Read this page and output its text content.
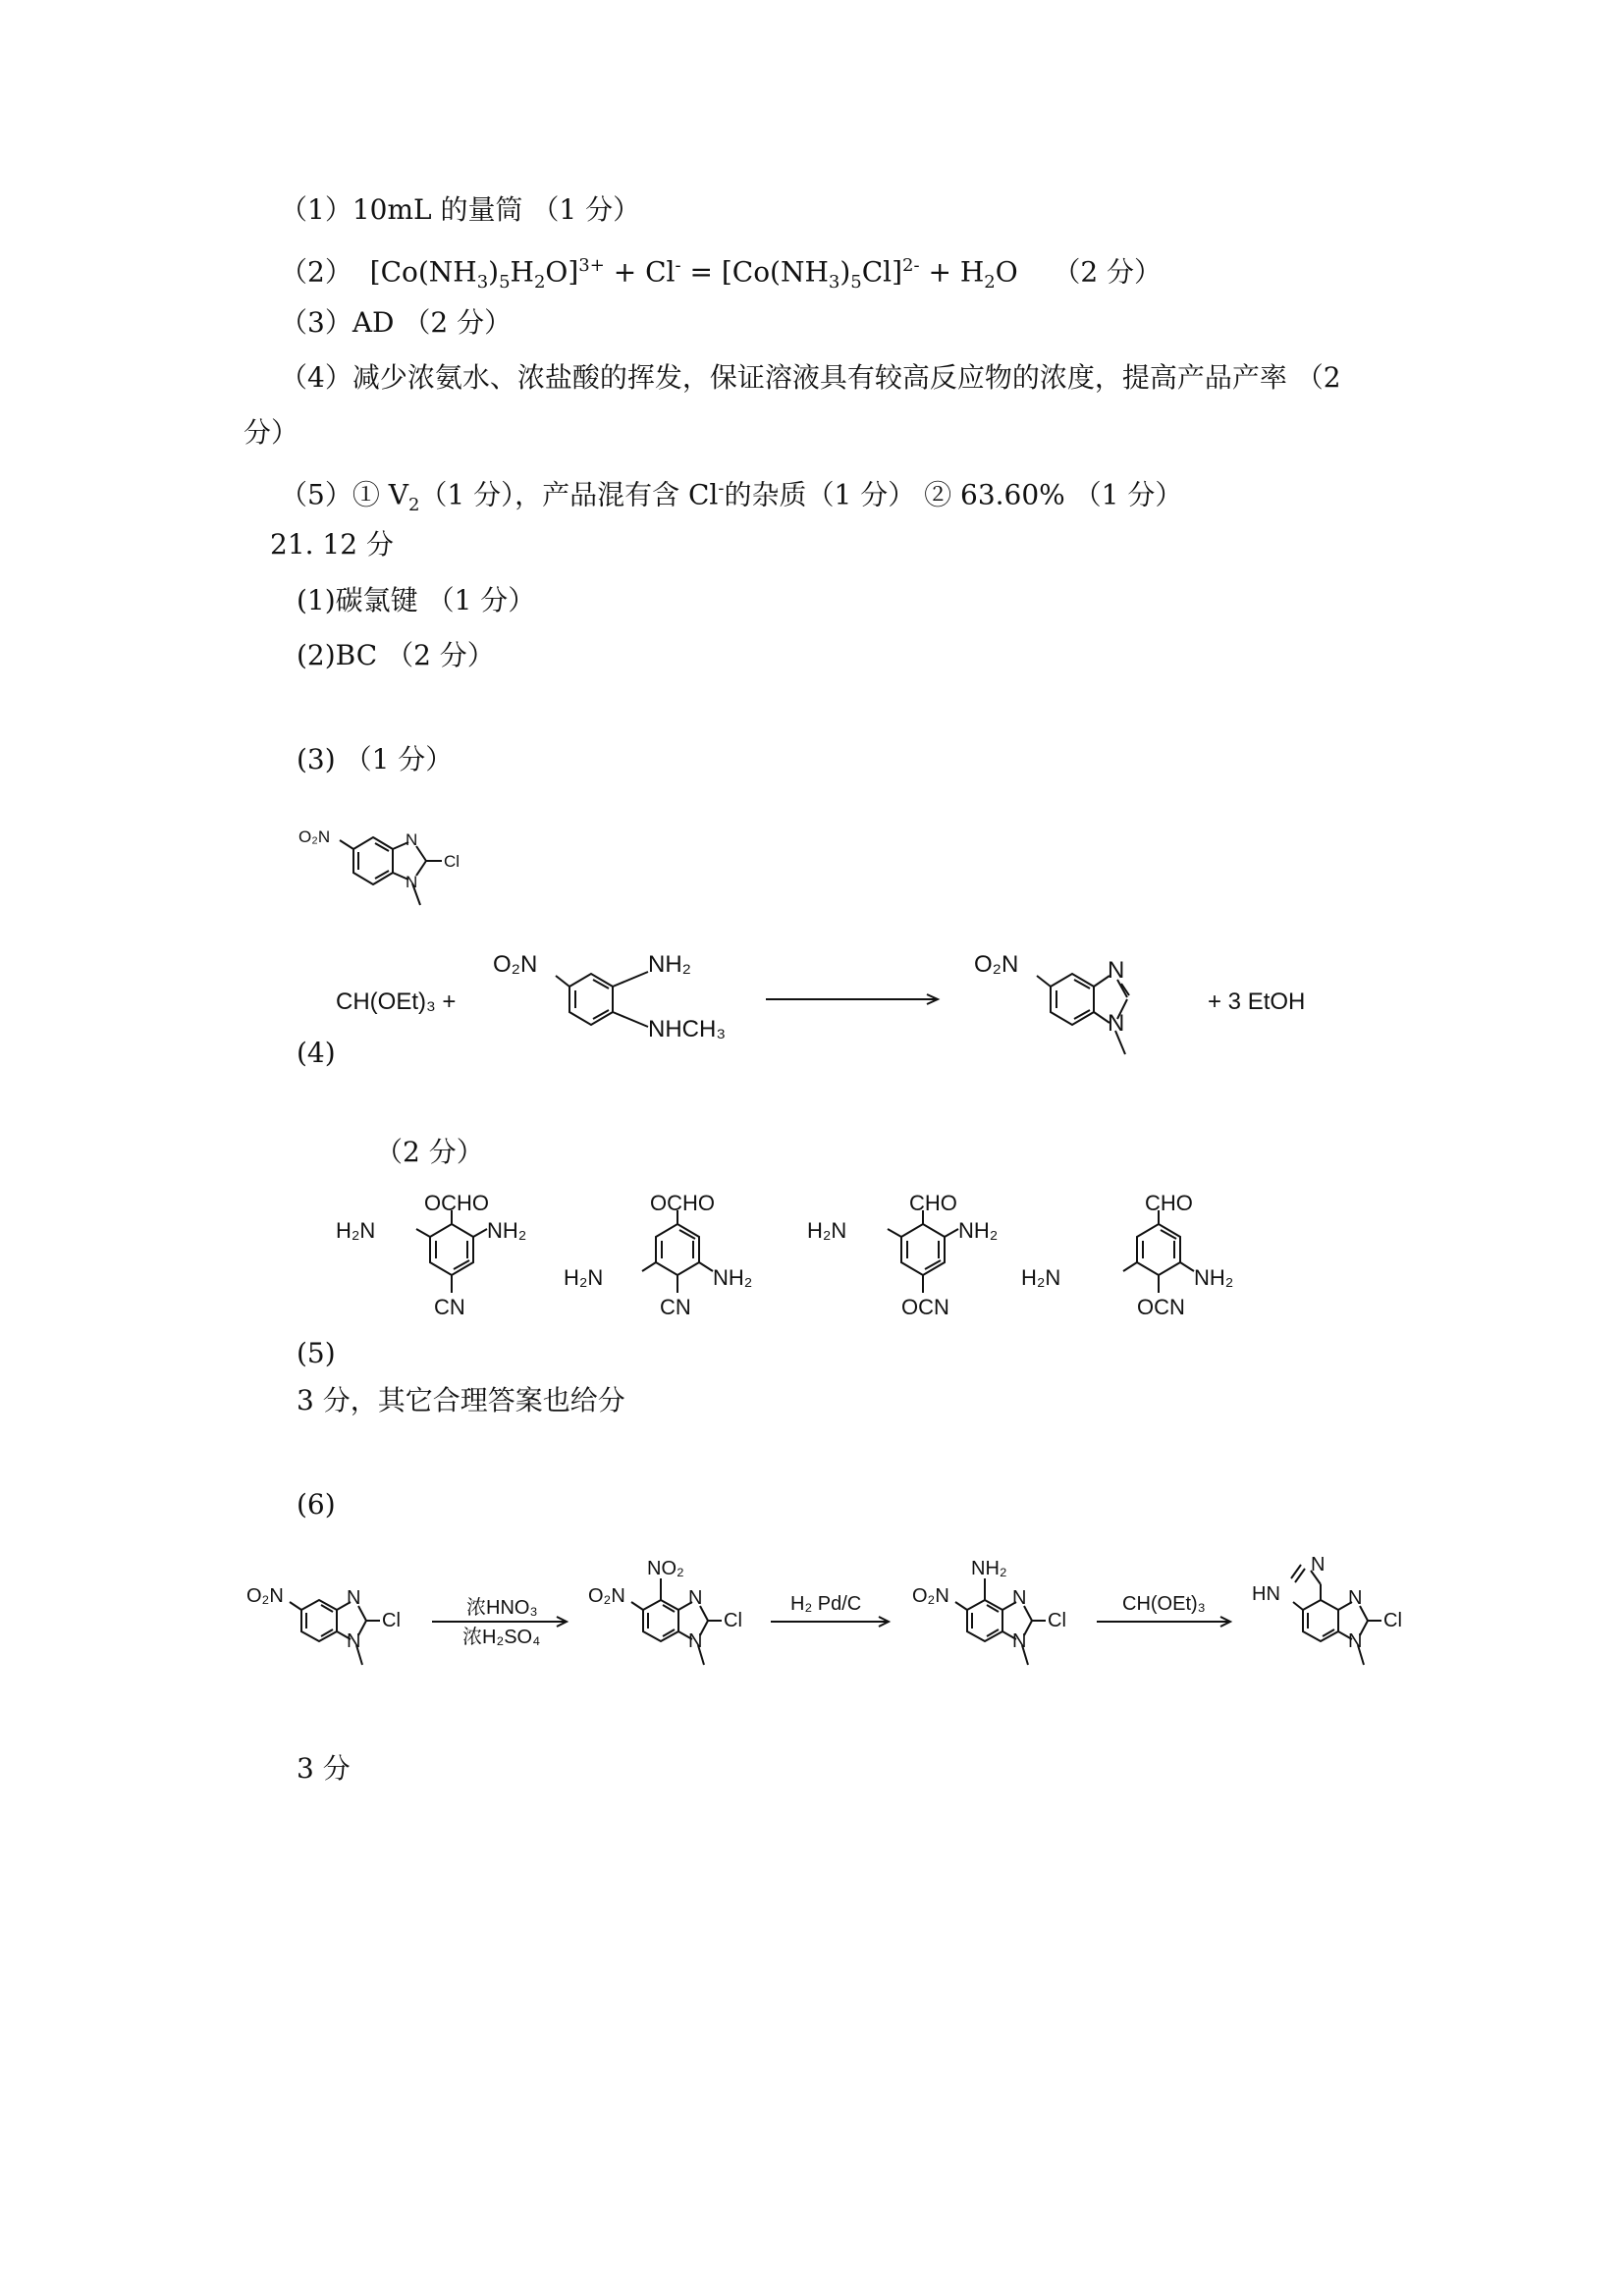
（1）10mL 的量筒 （1 分）
（2） $[Co(NH_3)_5H_2O]^{3+} + Cl^- = [Co(NH_3)_5Cl]^{2-} + H_2O$ （2 分）
（3）AD （2 分）
（4）减少浓氨水、浓盐酸的挥发，保证溶液具有较高反应物的浓度，提高产品产率 （2
分）
（5）① $V_2(1$ 分），产品混有含 Cl-的杂质（1 分） ② 63.60% （1 分）
21. 12 分
(1)碳氯键 （1 分）
(2)BC （2 分）
(3) （1 分）
(4)
（2 分）
(5)
3 分，其它合理答案也给分
(6)
3 分
O₂N	N
N
Cl
CH(OEt)₃ +
O₂N	NH₂
NHCH₃
O₂N	N
N
+ 3 EtOH
OCHO
H₂N	NH₂
CN
OCHO
H₂N	NH₂
CN
CHO
H₂N	NH₂
OCN
CHO
H₂N	NH₂
OCN
O₂N	N
N
Cl
浓HNO₃
浓H₂SO₄
NO₂
O₂N	N
N
Cl
H₂ Pd/C
NH₂
O₂N	N
N
Cl
CH(OEt)₃
N
HN	N
N
Cl
